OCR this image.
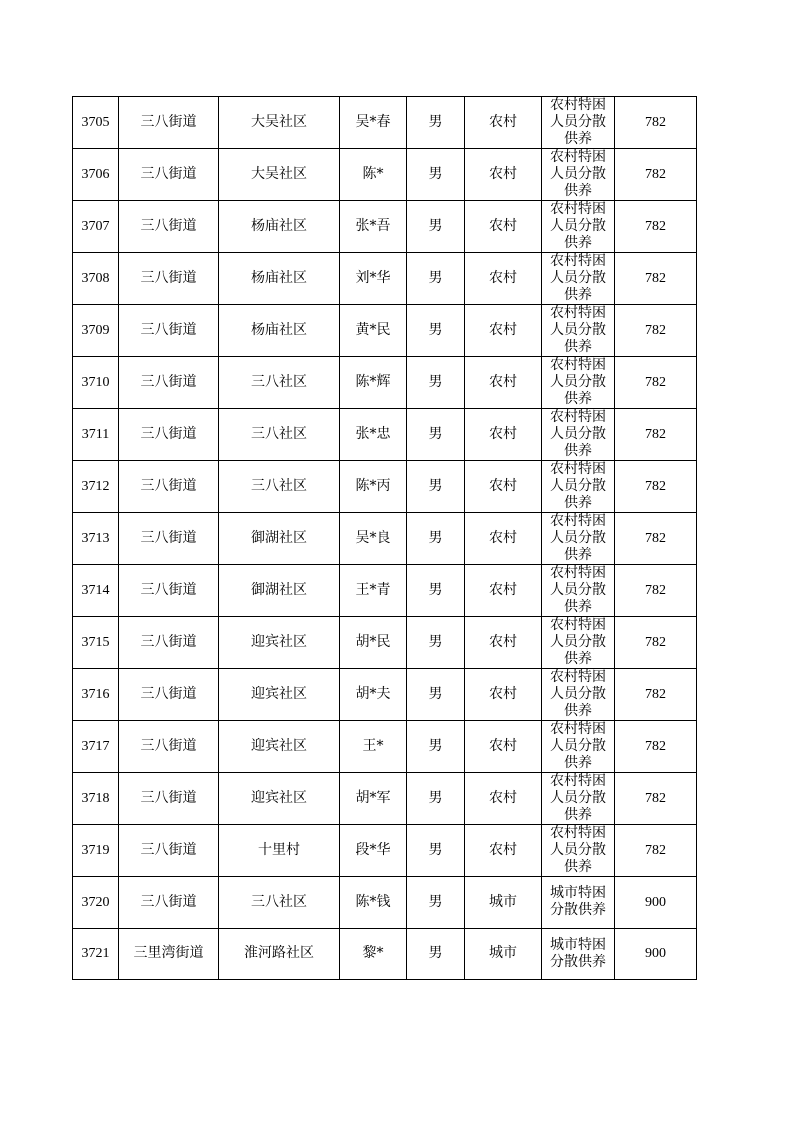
3705	三八街道	大吴社区	吴*春	男	农村	农村特困人员分散供养	782
3706	三八街道	大吴社区	陈*	男	农村	农村特困人员分散供养	782
3707	三八街道	杨庙社区	张*吾	男	农村	农村特困人员分散供养	782
3708	三八街道	杨庙社区	刘*华	男	农村	农村特困人员分散供养	782
3709	三八街道	杨庙社区	黄*民	男	农村	农村特困人员分散供养	782
3710	三八街道	三八社区	陈*辉	男	农村	农村特困人员分散供养	782
3711	三八街道	三八社区	张*忠	男	农村	农村特困人员分散供养	782
3712	三八街道	三八社区	陈*丙	男	农村	农村特困人员分散供养	782
3713	三八街道	御湖社区	吴*良	男	农村	农村特困人员分散供养	782
3714	三八街道	御湖社区	王*青	男	农村	农村特困人员分散供养	782
3715	三八街道	迎宾社区	胡*民	男	农村	农村特困人员分散供养	782
3716	三八街道	迎宾社区	胡*夫	男	农村	农村特困人员分散供养	782
3717	三八街道	迎宾社区	王*	男	农村	农村特困人员分散供养	782
3718	三八街道	迎宾社区	胡*军	男	农村	农村特困人员分散供养	782
3719	三八街道	十里村	段*华	男	农村	农村特困人员分散供养	782
3720	三八街道	三八社区	陈*钱	男	城市	城市特困分散供养	900
3721	三里湾街道	淮河路社区	黎*	男	城市	城市特困分散供养	900
